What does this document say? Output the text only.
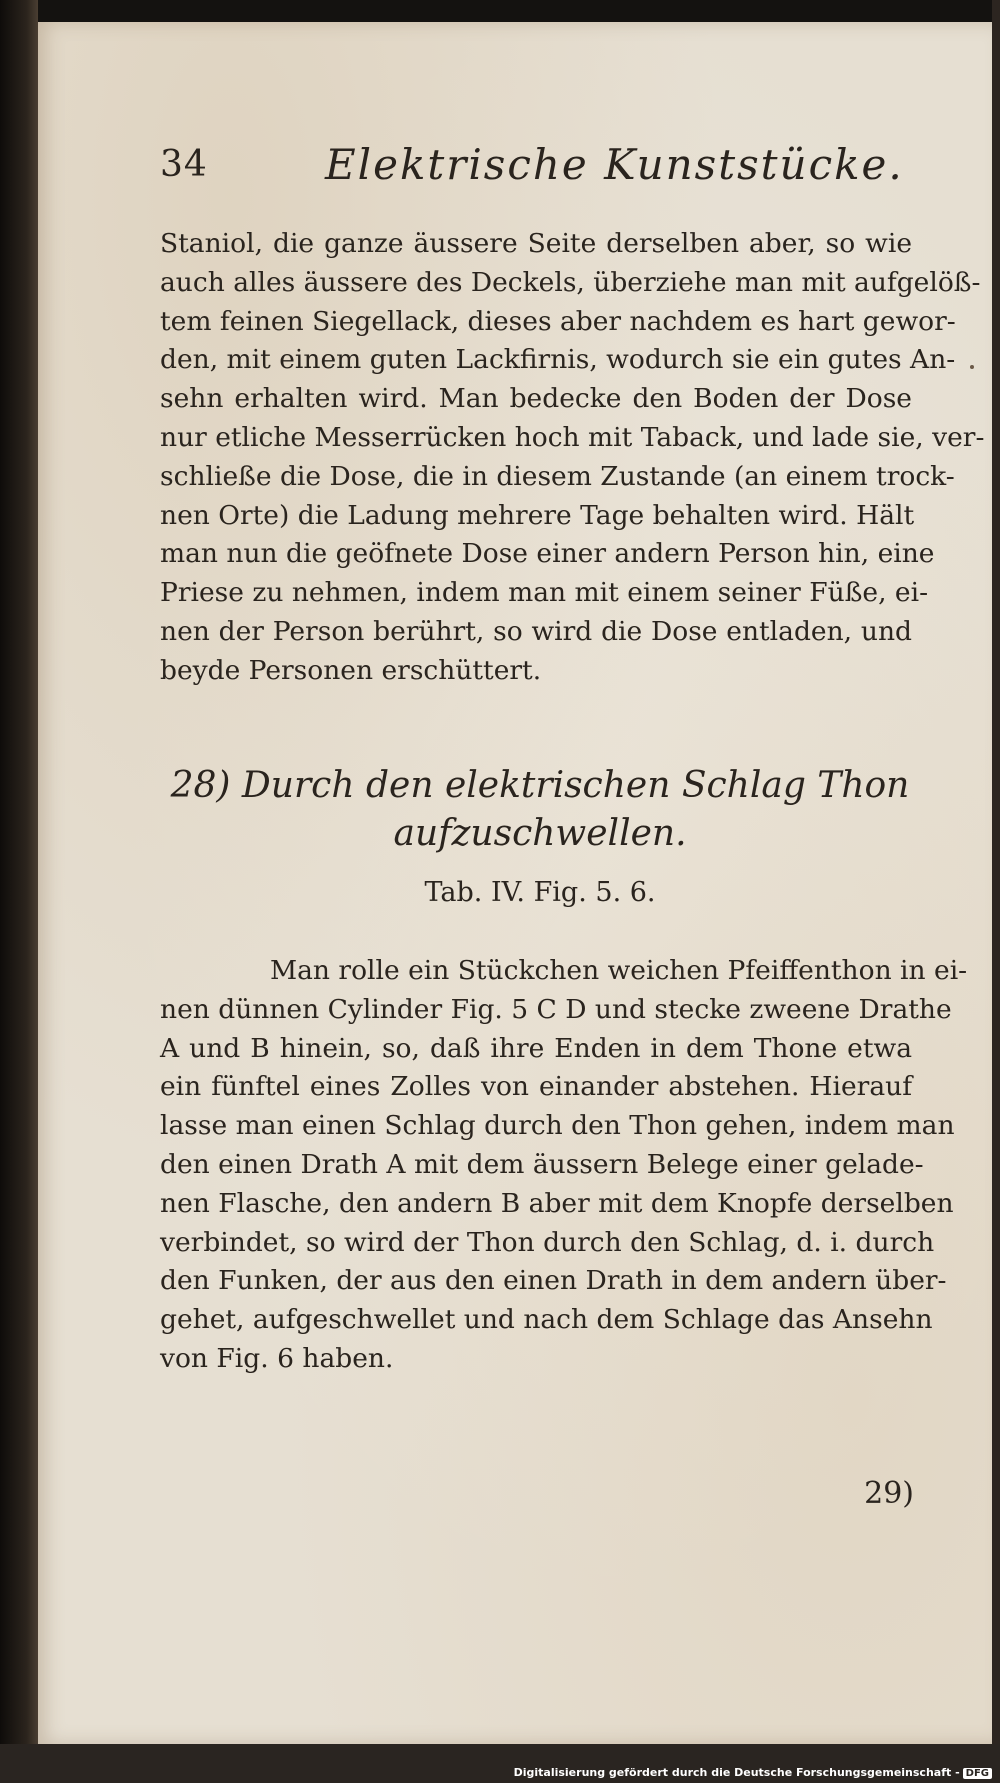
34	Elektrische Kunststücke.
Staniol, die ganze äussere Seite derselben aber, so wie
auch alles äussere des Deckels, überziehe man mit aufgelöß-
tem feinen Siegellack, dieses aber nachdem es hart gewor-
den, mit einem guten Lackfirnis, wodurch sie ein gutes An-
sehn erhalten wird. Man bedecke den Boden der Dose
nur etliche Messerrücken hoch mit Taback, und lade sie, ver-
schließe die Dose, die in diesem Zustande (an einem trock-
nen Orte) die Ladung mehrere Tage behalten wird. Hält
man nun die geöfnete Dose einer andern Person hin, eine
Priese zu nehmen, indem man mit einem seiner Füße, ei-
nen der Person berührt, so wird die Dose entladen, und
beyde Personen erschüttert.
28) Durch den elektrischen Schlag Thon
aufzuschwellen.
Tab. IV. Fig. 5. 6.
Man rolle ein Stückchen weichen Pfeiffenthon in ei-
nen dünnen Cylinder Fig. 5 C D und stecke zweene Drathe
A und B hinein, so, daß ihre Enden in dem Thone etwa
ein fünftel eines Zolles von einander abstehen. Hierauf
lasse man einen Schlag durch den Thon gehen, indem man
den einen Drath A mit dem äussern Belege einer gelade-
nen Flasche, den andern B aber mit dem Knopfe derselben
verbindet, so wird der Thon durch den Schlag, d. i. durch
den Funken, der aus den einen Drath in dem andern über-
gehet, aufgeschwellet und nach dem Schlage das Ansehn
von Fig. 6 haben.
29)
Digitalisierung gefördert durch die Deutsche Forschungsgemeinschaft - DFG
